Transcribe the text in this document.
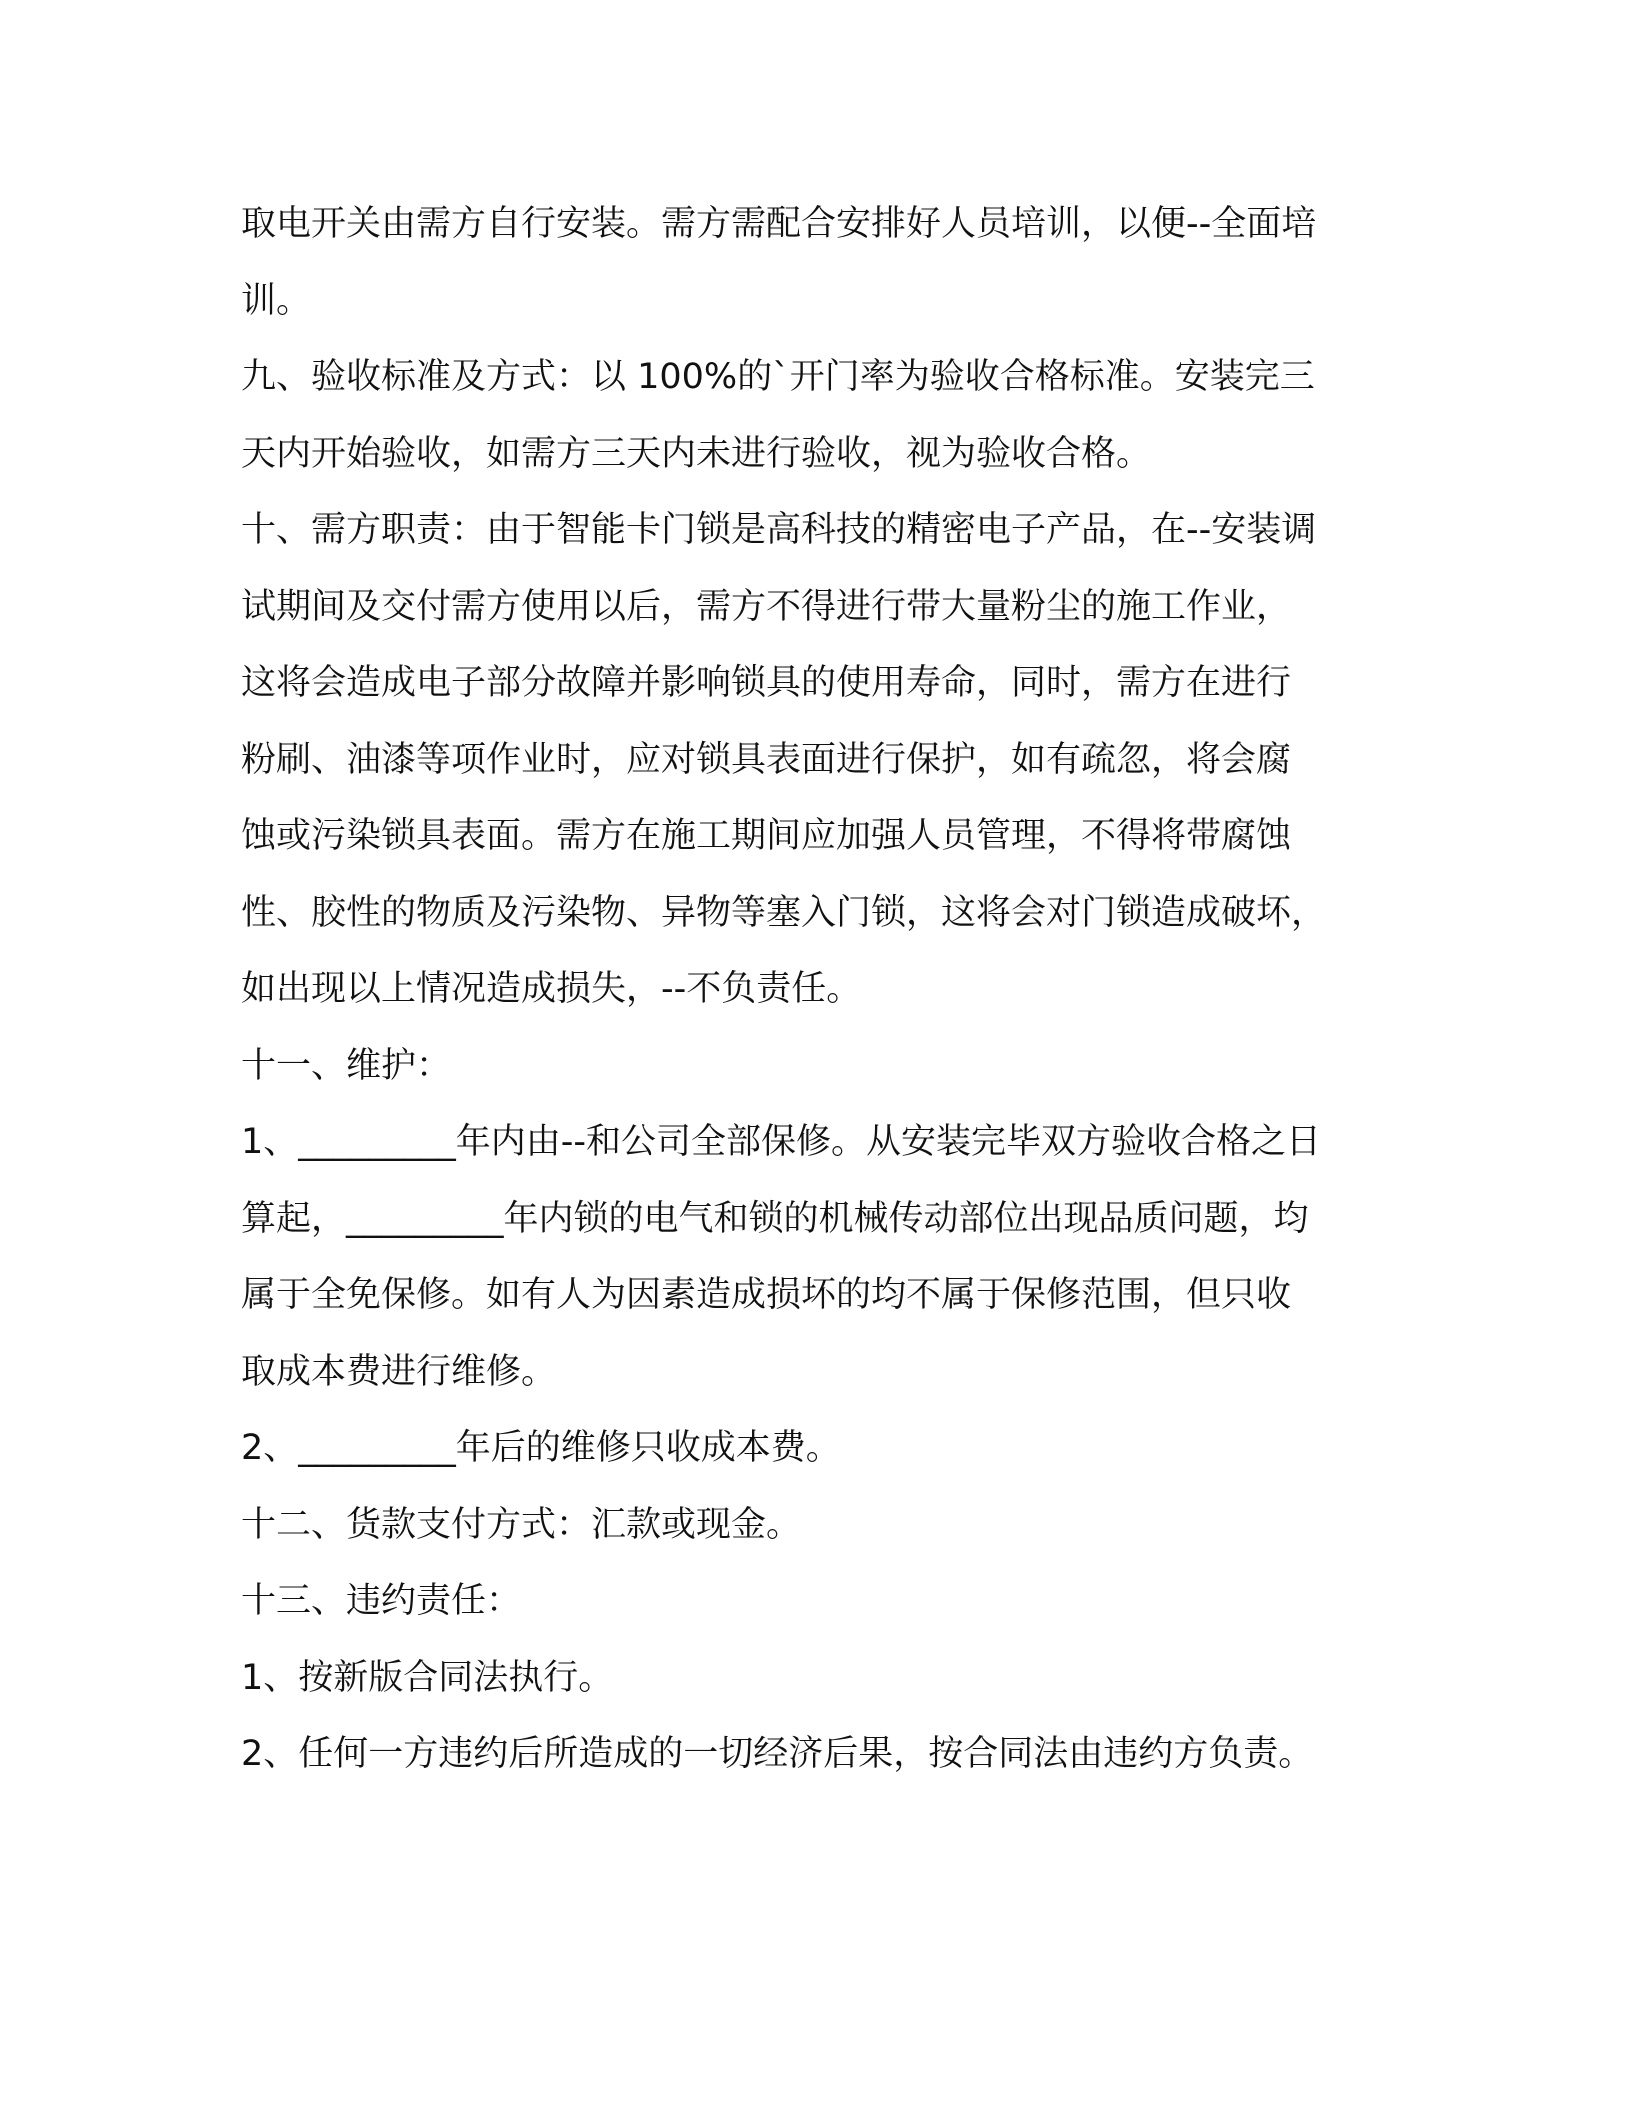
取电开关由需方自行安装。需方需配合安排好人员培训，以便--全面培

训。

九、验收标准及方式：以 100%的`开门率为验收合格标准。安装完三

天内开始验收，如需方三天内未进行验收，视为验收合格。

十、需方职责：由于智能卡门锁是高科技的精密电子产品，在--安装调

试期间及交付需方使用以后，需方不得进行带大量粉尘的施工作业，

这将会造成电子部分故障并影响锁具的使用寿命，同时，需方在进行

粉刷、油漆等项作业时，应对锁具表面进行保护，如有疏忽，将会腐

蚀或污染锁具表面。需方在施工期间应加强人员管理，不得将带腐蚀

性、胶性的物质及污染物、异物等塞入门锁，这将会对门锁造成破坏，

如出现以上情况造成损失，--不负责任。

十一、维护：

1、_________年内由--和公司全部保修。从安装完毕双方验收合格之日

算起，_________年内锁的电气和锁的机械传动部位出现品质问题，均

属于全免保修。如有人为因素造成损坏的均不属于保修范围，但只收

取成本费进行维修。

2、_________年后的维修只收成本费。

十二、货款支付方式：汇款或现金。

十三、违约责任：

1、按新版合同法执行。

2、任何一方违约后所造成的一切经济后果，按合同法由违约方负责。
